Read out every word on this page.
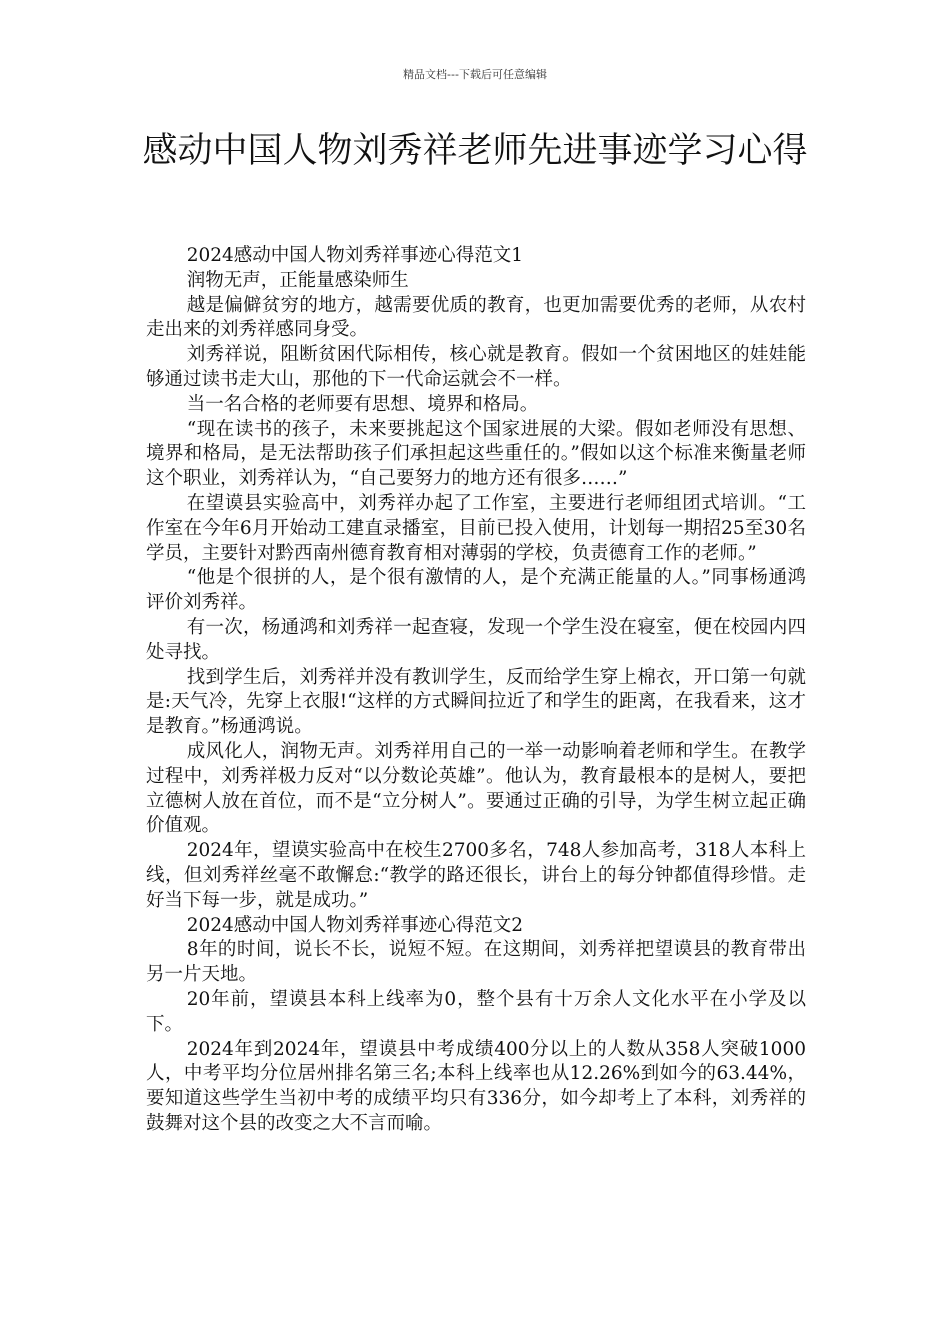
精品文档---下载后可任意编辑
感动中国人物刘秀祥老师先进事迹学习心得

2024感动中国人物刘秀祥事迹心得范文1

润物无声，正能量感染师生

越是偏僻贫穷的地方，越需要优质的教育，也更加需要优秀的老师，从农村走出来的刘秀祥感同身受。

刘秀祥说，阻断贫困代际相传，核心就是教育。假如一个贫困地区的娃娃能够通过读书走大山，那他的下一代命运就会不一样。

当一名合格的老师要有思想、境界和格局。

“现在读书的孩子，未来要挑起这个国家进展的大梁。假如老师没有思想、境界和格局，是无法帮助孩子们承担起这些重任的。”假如以这个标准来衡量老师这个职业，刘秀祥认为，“自己要努力的地方还有很多……”

在望谟县实验高中，刘秀祥办起了工作室，主要进行老师组团式培训。“工作室在今年6月开始动工建直录播室，目前已投入使用，计划每一期招25至30名学员，主要针对黔西南州德育教育相对薄弱的学校，负责德育工作的老师。”

“他是个很拼的人，是个很有激情的人，是个充满正能量的人。”同事杨通鸿评价刘秀祥。

有一次，杨通鸿和刘秀祥一起查寝，发现一个学生没在寝室，便在校园内四处寻找。

找到学生后，刘秀祥并没有教训学生，反而给学生穿上棉衣，开口第一句就是:天气冷，先穿上衣服!“这样的方式瞬间拉近了和学生的距离，在我看来，这才是教育。”杨通鸿说。

成风化人，润物无声。刘秀祥用自己的一举一动影响着老师和学生。在教学过程中，刘秀祥极力反对“以分数论英雄”。他认为，教育最根本的是树人，要把立德树人放在首位，而不是“立分树人”。要通过正确的引导，为学生树立起正确价值观。

2024年，望谟实验高中在校生2700多名，748人参加高考，318人本科上线，但刘秀祥丝毫不敢懈怠:“教学的路还很长，讲台上的每分钟都值得珍惜。走好当下每一步，就是成功。”

2024感动中国人物刘秀祥事迹心得范文2

8年的时间，说长不长，说短不短。在这期间，刘秀祥把望谟县的教育带出另一片天地。

20年前，望谟县本科上线率为0，整个县有十万余人文化水平在小学及以下。

2024年到2024年，望谟县中考成绩400分以上的人数从358人突破1000人，中考平均分位居州排名第三名;本科上线率也从12.26%到如今的63.44%，要知道这些学生当初中考的成绩平均只有336分，如今却考上了本科，刘秀祥的鼓舞对这个县的改变之大不言而喻。
